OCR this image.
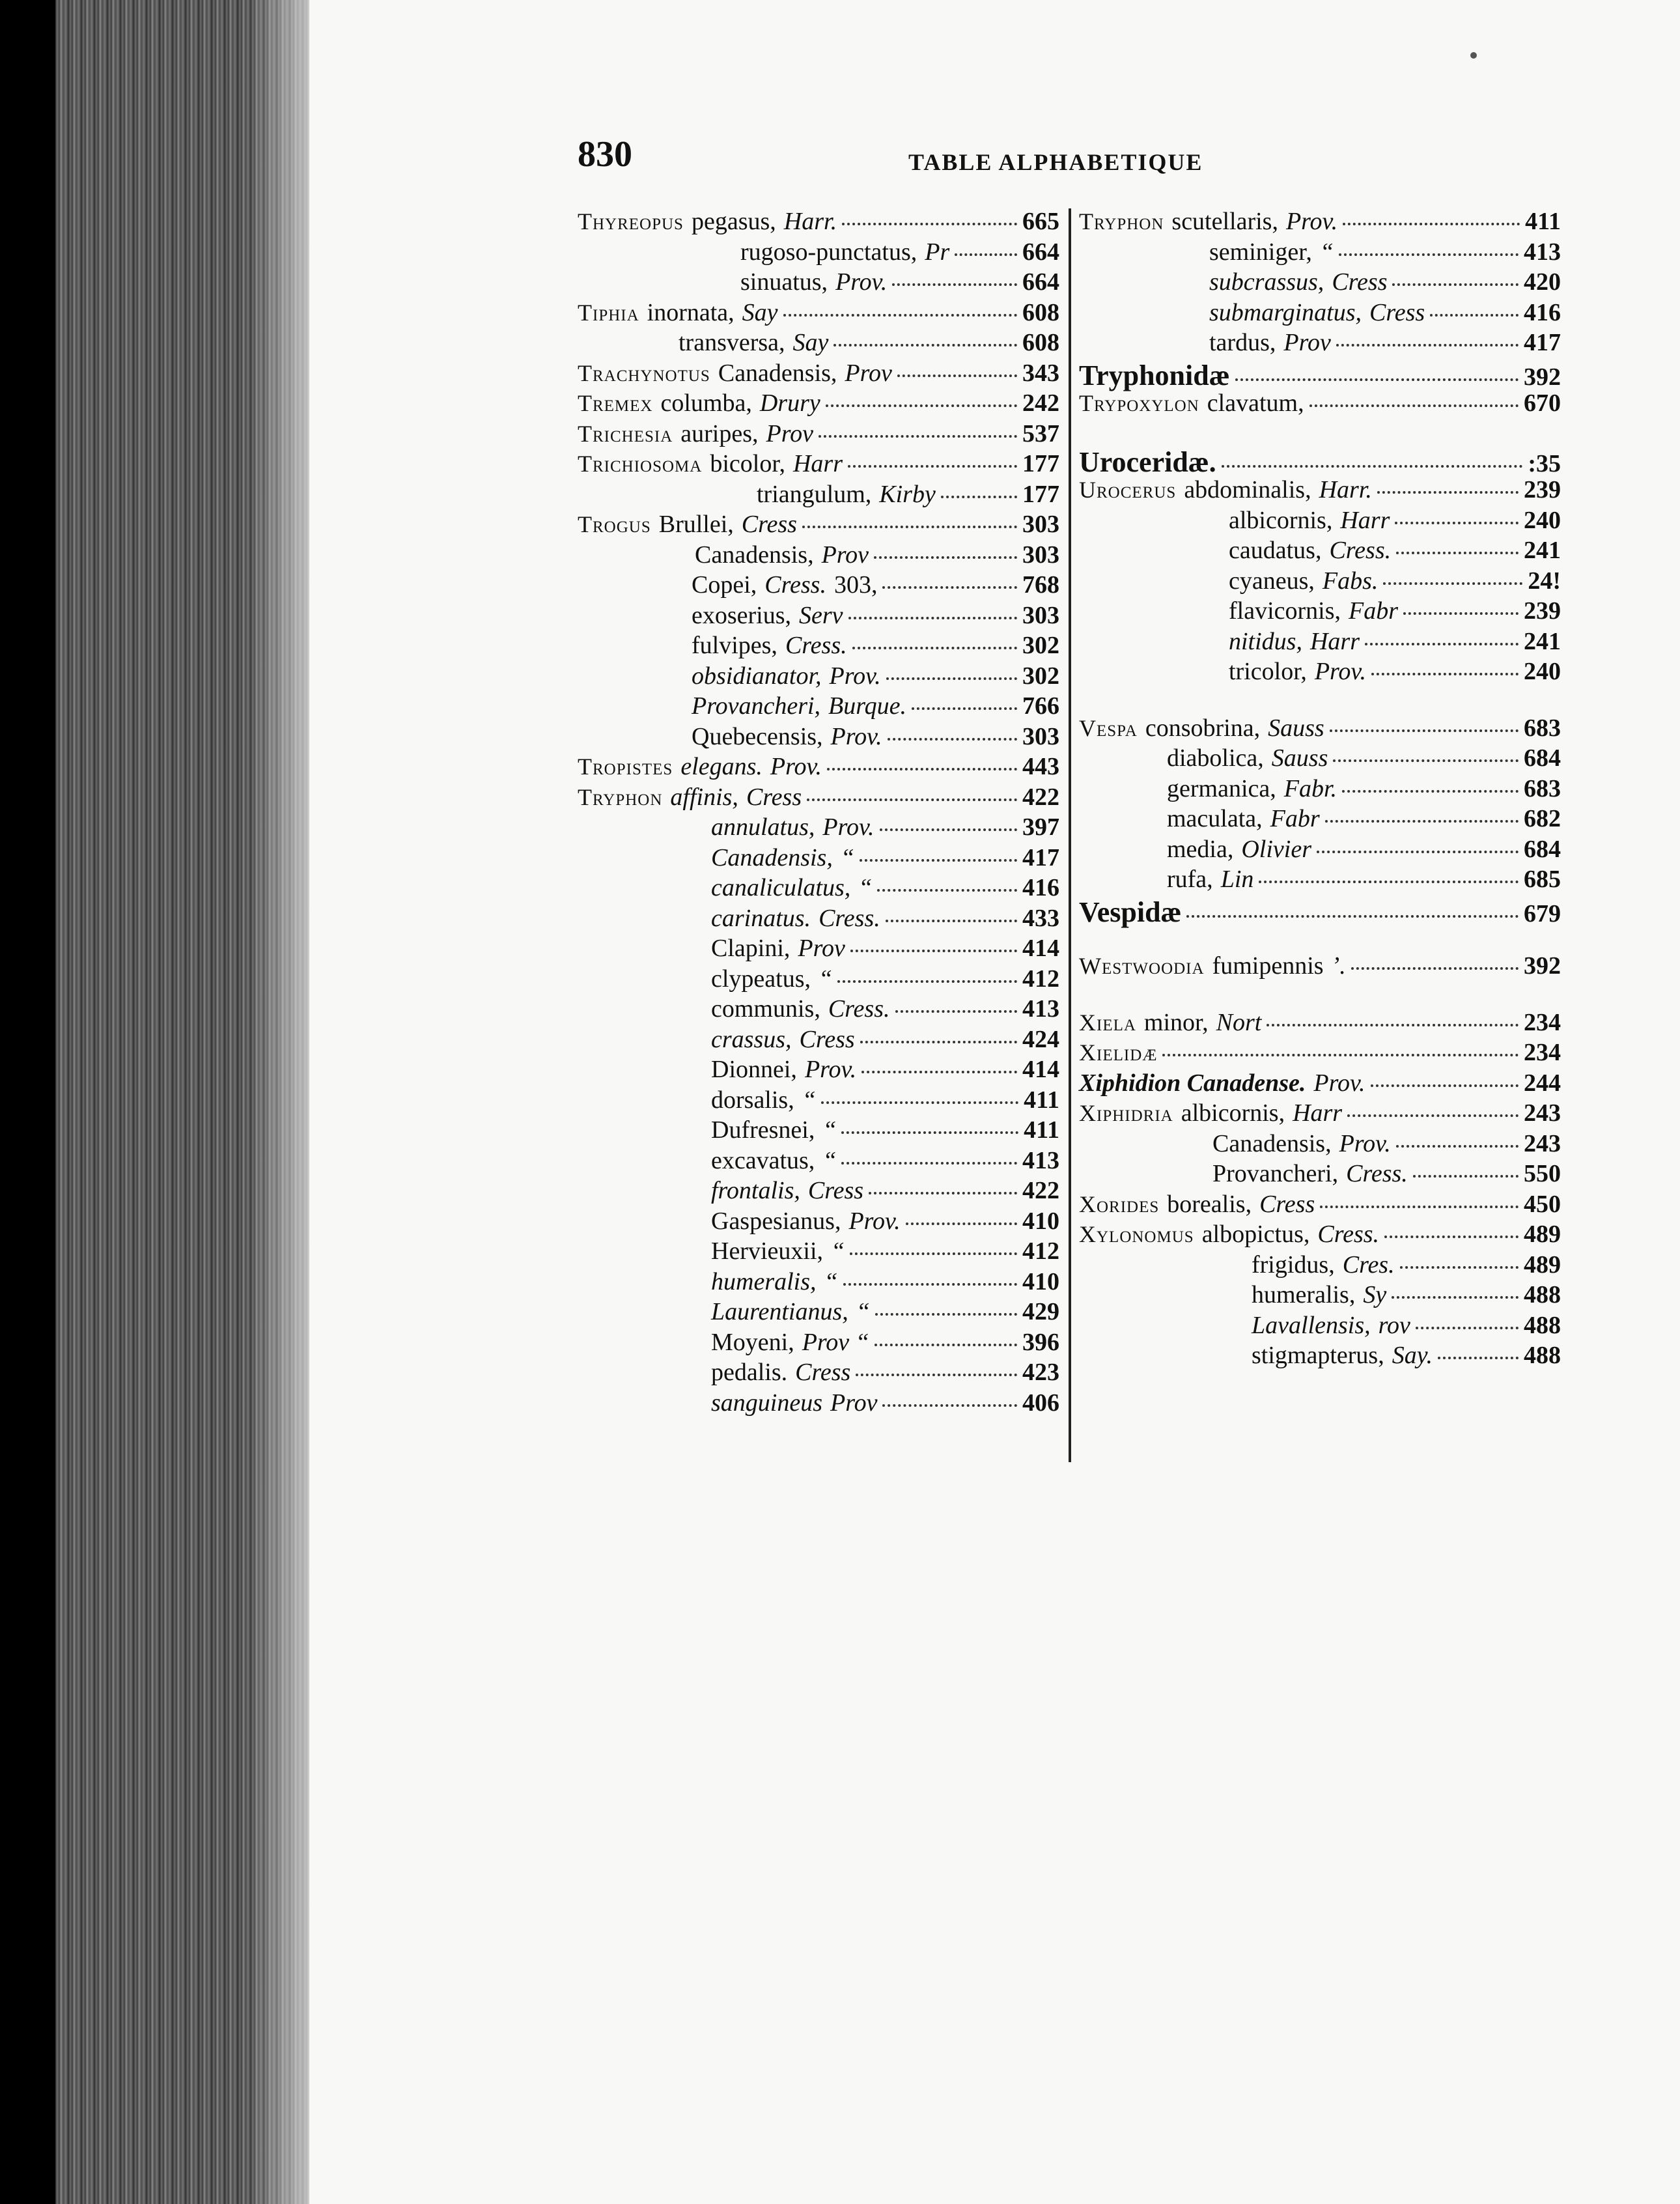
830	TABLE ALPHABETIQUE
Thyreopus pegasus, Harr.	665
rugoso-punctatus, Pr	664
sinuatus, Prov.	664
Tiphia inornata, Say	608
transversa, Say	608
Trachynotus Canadensis, Prov	343
Tremex columba, Drury	242
Trichesia auripes, Prov	537
Trichiosoma bicolor, Harr	177
triangulum, Kirby	177
Trogus Brullei, Cress	303
Canadensis, Prov	303
Copei, Cress. 303,	768
exoserius, Serv	303
fulvipes, Cress.	302
obsidianator, Prov.	302
Provancheri, Burque.	766
Quebecensis, Prov.	303
Tropistes elegans. Prov.	443
Tryphon affinis, Cress	422
annulatus, Prov.	397
Canadensis, “	417
canaliculatus, “	416
carinatus. Cress.	433
Clapini, Prov	414
clypeatus, “	412
communis, Cress.	413
crassus, Cress	424
Dionnei, Prov.	414
dorsalis, “	411
Dufresnei, “	411
excavatus, “	413
frontalis, Cress	422
Gaspesianus, Prov.	410
Hervieuxii, “	412
humeralis, “	410
Laurentianus, “	429
Moyeni, Prov “	396
pedalis. Cress	423
sanguineus Prov	406
Tryphon scutellaris, Prov.	411
seminiger, “	413
subcrassus, Cress	420
submarginatus, Cress	416
tardus, Prov	417
Tryphonidæ	392
Trypoxylon clavatum,	670
Uroceridæ.	:35
Urocerus abdominalis, Harr.	239
albicornis, Harr	240
caudatus, Cress.	241
cyaneus, Fabs.	24!
flavicornis, Fabr	239
nitidus, Harr	241
tricolor, Prov.	240
Vespa consobrina, Sauss	683
diabolica, Sauss	684
germanica, Fabr.	683
maculata, Fabr	682
media, Olivier	684
rufa, Lin	685
Vespidæ	679
Westwoodia fumipennis ’.	392
Xiela minor, Nort	234
Xielidæ	234
Xiphidion Canadense. Prov.	244
Xiphidria albicornis, Harr	243
Canadensis, Prov.	243
Provancheri, Cress.	550
Xorides borealis, Cress	450
Xylonomus albopictus, Cress.	489
frigidus, Cres.	489
humeralis, Sy	488
Lavallensis, rov	488
stigmapterus, Say.	488
